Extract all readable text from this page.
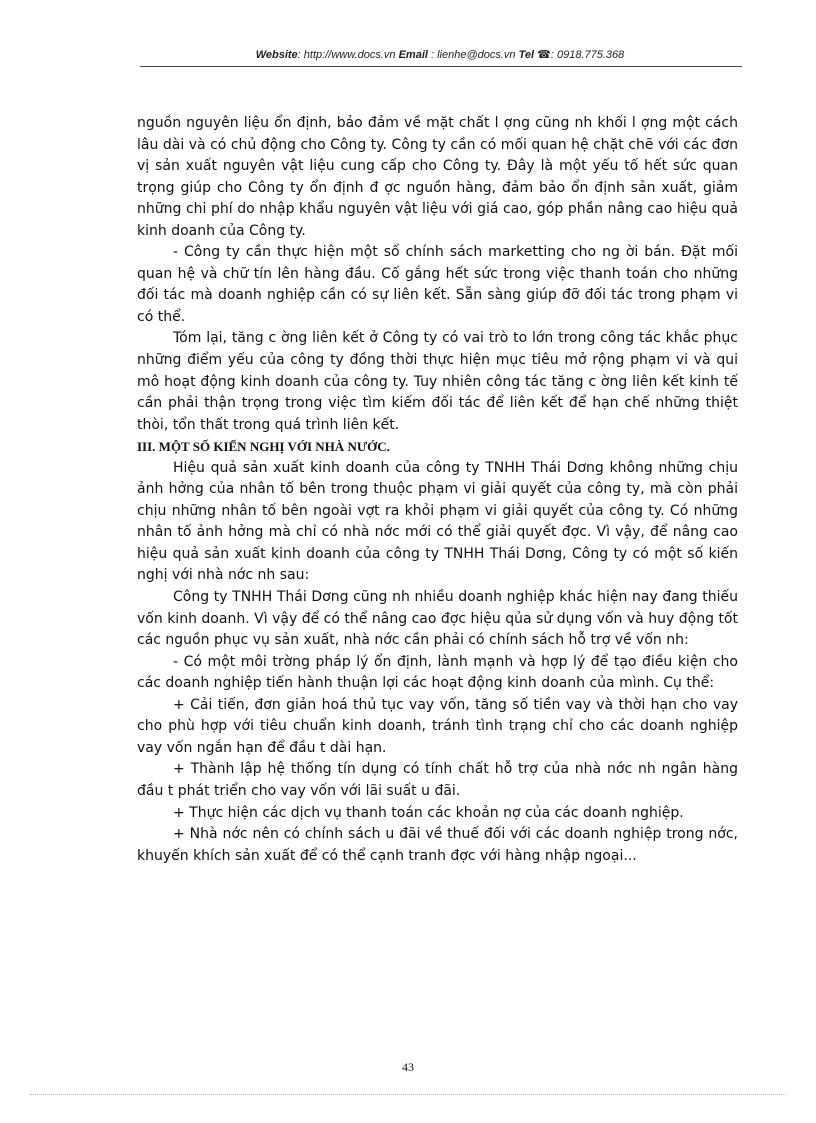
Website: http://www.docs.vn Email : lienhe@docs.vn Tel ☎: 0918.775.368

nguồn nguyên liệu ổn định, bảo đảm về mặt chất l ợng cũng nh khối l ợng một cách lâu dài và có chủ động cho Công ty. Công ty cần có mối quan hệ chặt chẽ với các đơn vị sản xuất nguyên vật liệu cung cấp cho Công ty. Đây là một yếu tố hết sức quan trọng giúp cho Công ty ổn định đ ợc nguồn hàng, đảm bảo ổn định sản xuất, giảm những chi phí do nhập khẩu nguyên vật liệu với giá cao, góp phần nâng cao hiệu quả kinh doanh của Công ty.

- Công ty cần thực hiện một số chính sách marketting cho ng ời bán. Đặt mối quan hệ và chữ tín lên hàng đầu. Cố gắng hết sức trong việc thanh toán cho những đối tác mà doanh nghiệp cần có sự liên kết. Sẵn sàng giúp đỡ đối tác trong phạm vi có thể.

Tóm lại, tăng c ờng liên kết ở Công ty có vai trò to lớn trong công tác khắc phục những điểm yếu của công ty đồng thời thực hiện mục tiêu mở rộng phạm vi và qui mô hoạt động kinh doanh của công ty. Tuy nhiên công tác tăng c ờng liên kết kinh tế cần phải thận trọng trong việc tìm kiếm đối tác để liên kết để hạn chế những thiệt thòi, tổn thất trong quá trình liên kết.

III. MỘT SỐ KIẾN NGHỊ VỚI NHÀ NƯỚC.

Hiệu quả sản xuất kinh doanh của công ty TNHH Thái Dơng không những chịu ảnh hởng của nhân tố bên trong thuộc phạm vi giải quyết của công ty, mà còn phải chịu những nhân tố bên ngoài vợt ra khỏi phạm vi giải quyết của công ty. Có những nhân tố ảnh hởng mà chỉ có nhà nớc mới có thể giải quyết đợc. Vì vậy, để nâng cao hiệu quả sản xuất kinh doanh của công ty TNHH Thái Dơng, Công ty có một số kiến nghị với nhà nớc nh sau:

Công ty TNHH Thái Dơng cũng nh nhiều doanh nghiệp khác hiện nay đang thiếu vốn kinh doanh. Vì vậy để có thể nâng cao đợc hiệu qủa sử dụng vốn và huy động tốt các nguồn phục vụ sản xuất, nhà nớc cần phải có chính sách hỗ trợ về vốn nh:

- Có một môi trờng pháp lý ổn định, lành mạnh và hợp lý để tạo điều kiện cho các doanh nghiệp tiến hành thuận lợi các hoạt động kinh doanh của mình. Cụ thể:

+ Cải tiến, đơn giản hoá thủ tục vay vốn, tăng số tiền vay và thời hạn cho vay cho phù hợp với tiêu chuẩn kinh doanh, tránh tình trạng chỉ cho các doanh nghiệp vay vốn ngắn hạn để đầu t dài hạn.

+ Thành lập hệ thống tín dụng có tính chất hỗ trợ của nhà nớc nh ngân hàng đầu t phát triển cho vay vốn với lãi suất u đãi.

+ Thực hiện các dịch vụ thanh toán các khoản nợ của các doanh nghiệp.

+ Nhà nớc nên có chính sách u đãi về thuế đối với các doanh nghiệp trong nớc, khuyến khích sản xuất để có thể cạnh tranh đợc với hàng nhập ngoại...

43
